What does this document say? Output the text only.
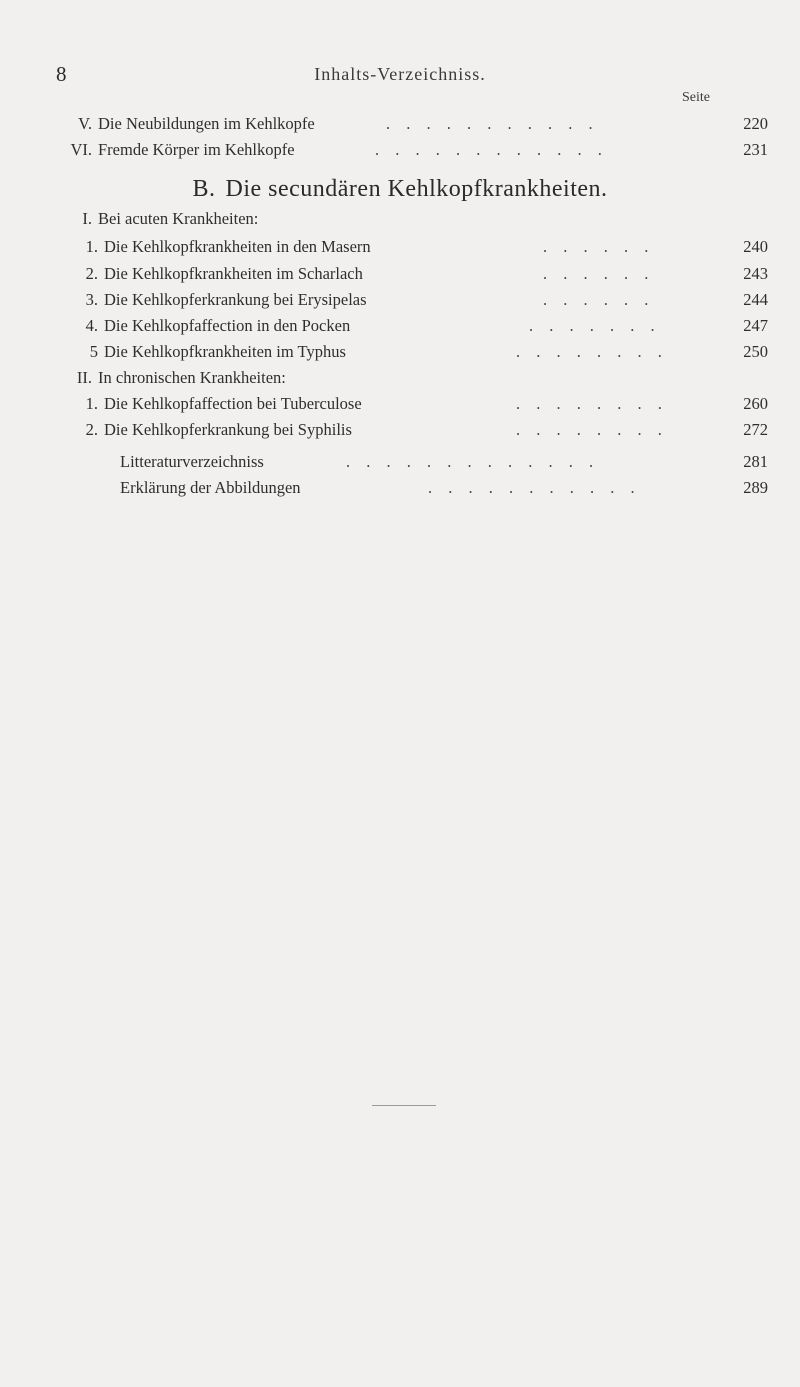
8	Inhalts-Verzeichniss.
Seite
V. Die Neubildungen im Kehlkopfe	. . . . . . . . . . .	220
VI. Fremde Körper im Kehlkopfe	. . . . . . . . . . . .	231
B. Die secundären Kehlkopfkrankheiten.
I. Bei acuten Krankheiten:
1. Die Kehlkopfkrankheiten in den Masern	. . . . . .	240
2. Die Kehlkopfkrankheiten im Scharlach	. . . . . .	243
3. Die Kehlkopferkrankung bei Erysipelas	. . . . . .	244
4. Die Kehlkopfaffection in den Pocken	. . . . . . .	247
5 Die Kehlkopfkrankheiten im Typhus	. . . . . . . .	250
II. In chronischen Krankheiten:
1. Die Kehlkopfaffection bei Tuberculose	. . . . . . . .	260
2. Die Kehlkopferkrankung bei Syphilis	. . . . . . . .	272
Litteraturverzeichniss	. . . . . . . . . . . . .	281
Erklärung der Abbildungen	. . . . . . . . . . .	289
